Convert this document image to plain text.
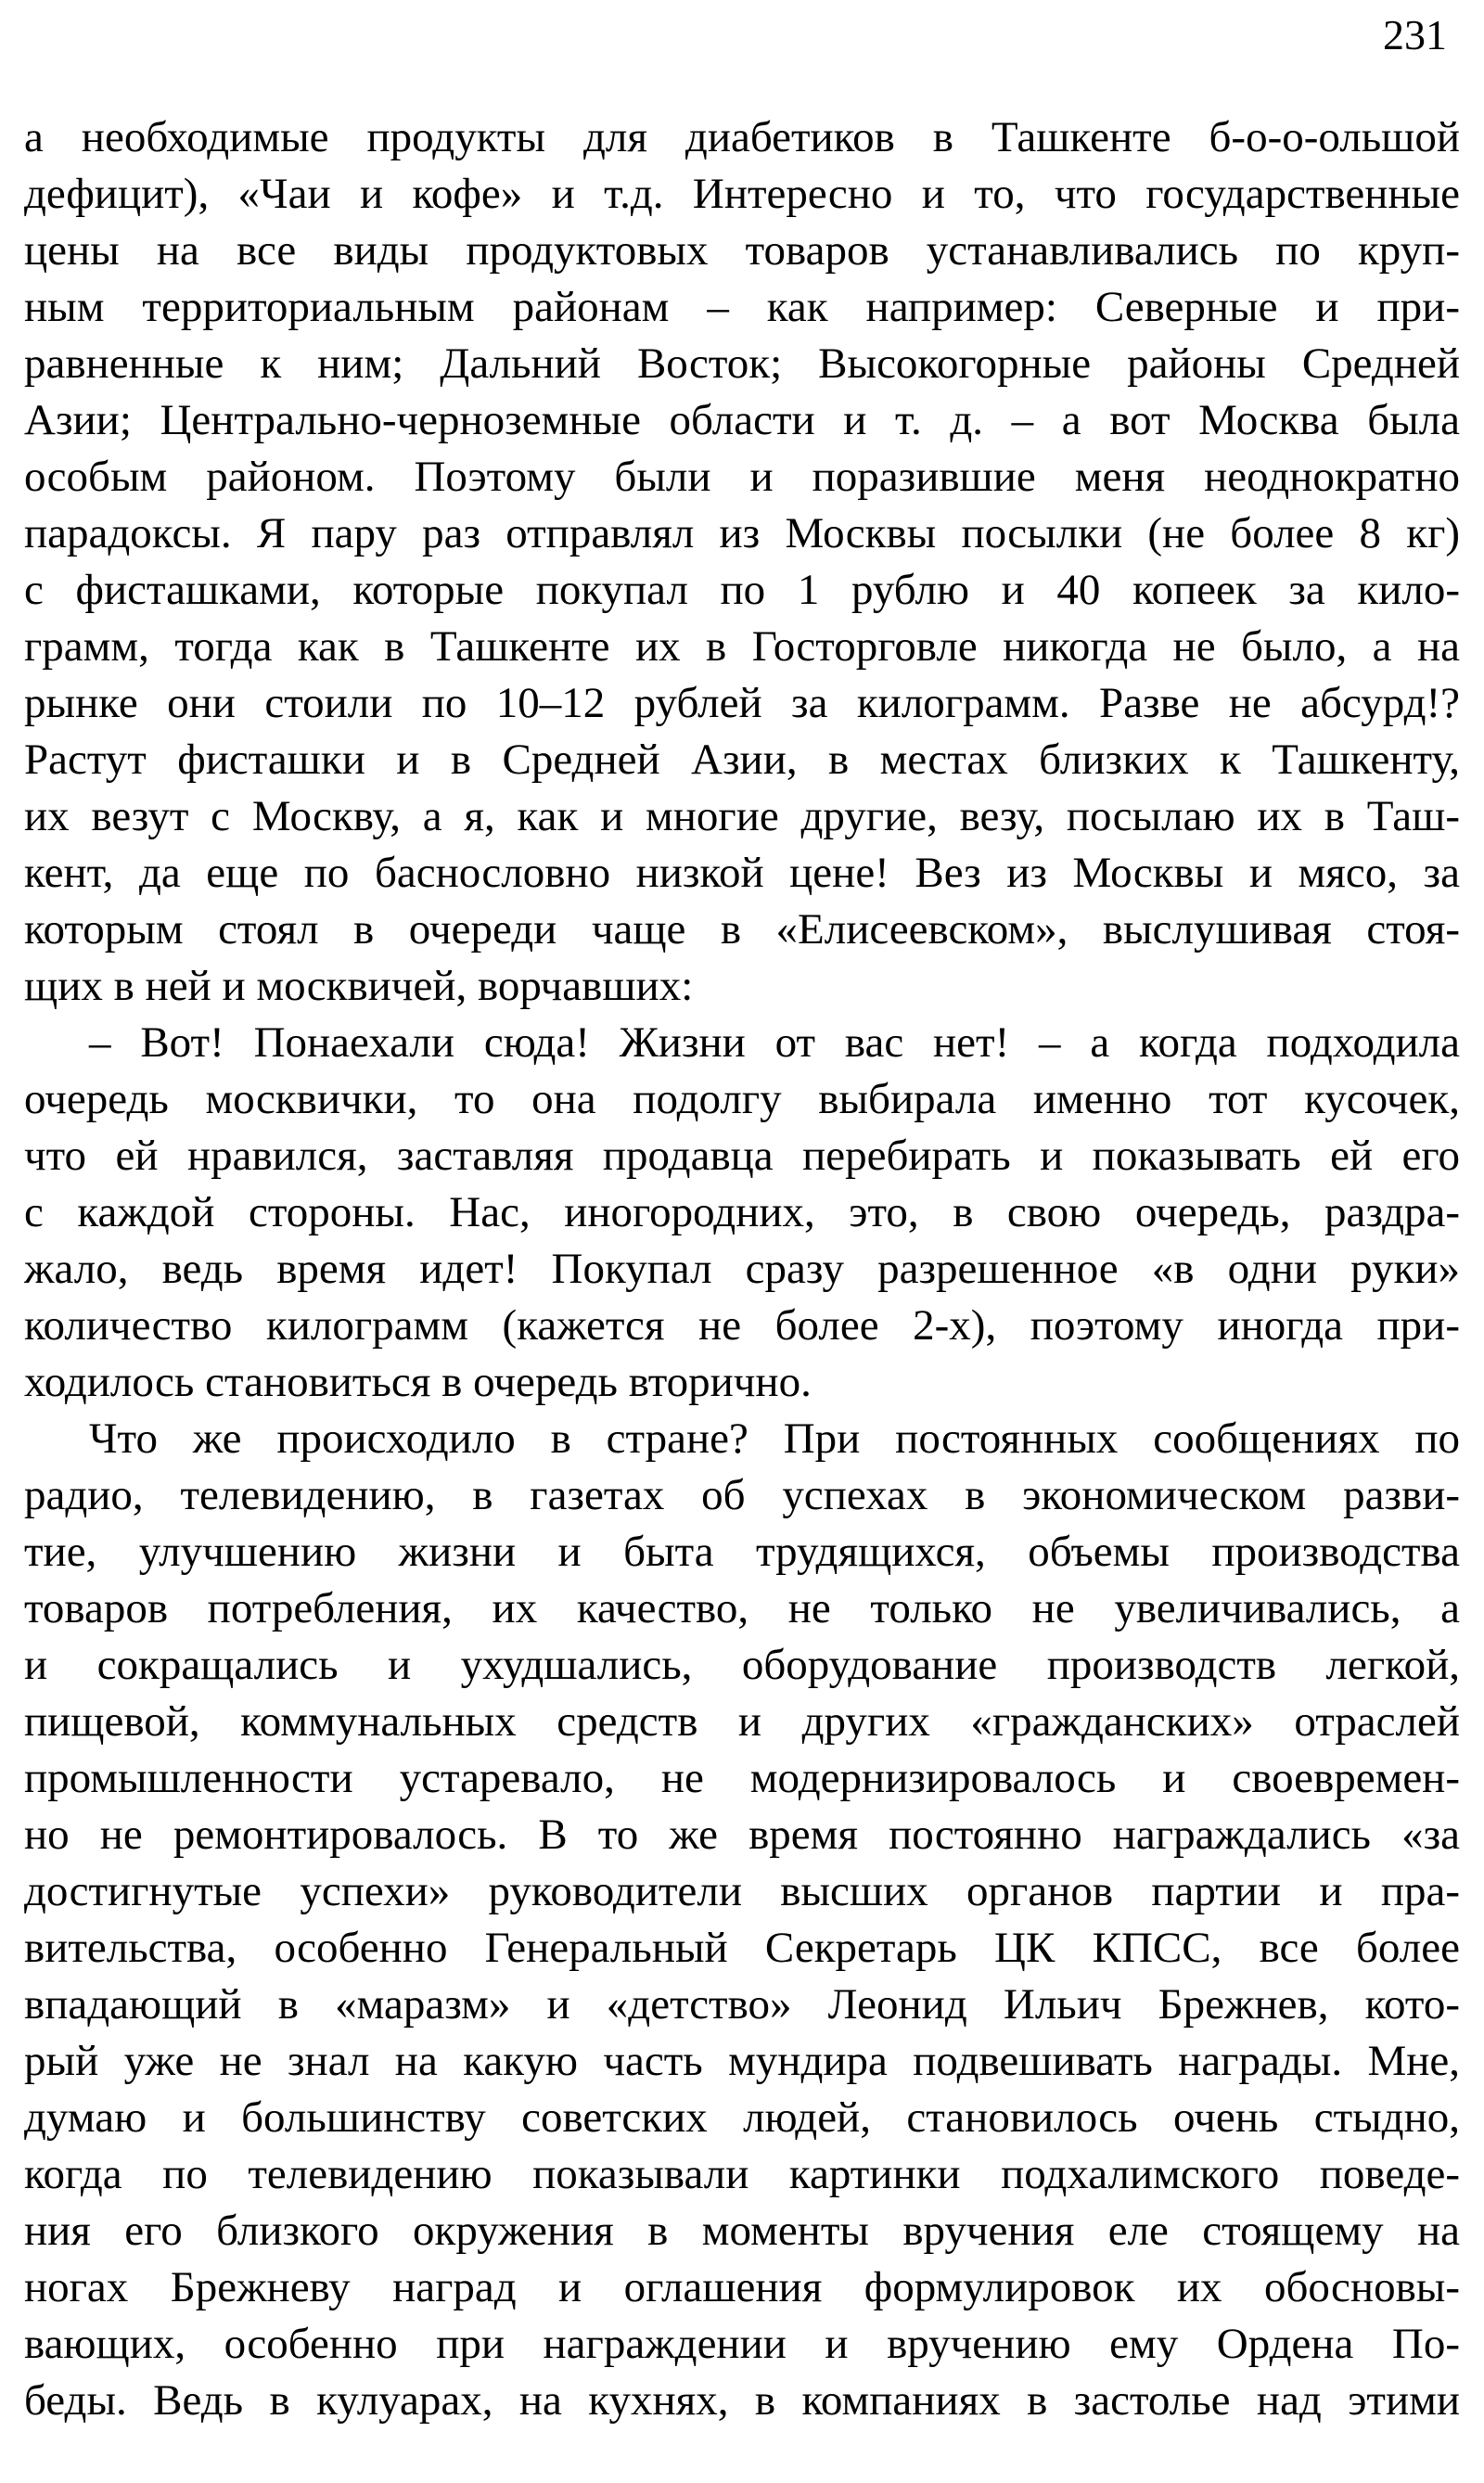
231
а необходимые продукты для диабетиков в Ташкенте б-о-о-ольшой
дефицит), «Чаи и кофе» и т.д. Интересно и то, что государственные
цены на все виды продуктовых товаров устанавливались по круп-
ным территориальным районам – как например: Северные и при-
равненные к ним; Дальний Восток; Высокогорные районы Средней
Азии; Центрально-черноземные области и т. д. – а вот Москва была
особым районом. Поэтому были и поразившие меня неоднократно
парадоксы. Я пару раз отправлял из Москвы посылки (не более 8 кг)
с фисташками, которые покупал по 1 рублю и 40 копеек за кило-
грамм, тогда как в Ташкенте их в Госторговле никогда не было, а на
рынке они стоили по 10–12 рублей за килограмм. Разве не абсурд!?
Растут фисташки и в Средней Азии, в местах близких к Ташкенту,
их везут с Москву, а я, как и многие другие, везу, посылаю их в Таш-
кент, да еще по баснословно низкой цене! Вез из Москвы и мясо, за
которым стоял в очереди чаще в «Елисеевском», выслушивая стоя-
щих в ней и москвичей, ворчавших:
– Вот! Понаехали сюда! Жизни от вас нет! – а когда подходила
очередь москвички, то она подолгу выбирала именно тот кусочек,
что ей нравился, заставляя продавца перебирать и показывать ей его
с каждой стороны. Нас, иногородних, это, в свою очередь, раздра-
жало, ведь время идет! Покупал сразу разрешенное «в одни руки»
количество килограмм (кажется не более 2-х), поэтому иногда при-
ходилось становиться в очередь вторично.
Что же происходило в стране? При постоянных сообщениях по
радио, телевидению, в газетах об успехах в экономическом разви-
тие, улучшению жизни и быта трудящихся, объемы производства
товаров потребления, их качество, не только не увеличивались, а
и сокращались и ухудшались, оборудование производств легкой,
пищевой, коммунальных средств и других «гражданских» отраслей
промышленности устаревало, не модернизировалось и своевремен-
но не ремонтировалось. В то же время постоянно награждались «за
достигнутые успехи» руководители высших органов партии и пра-
вительства, особенно Генеральный Секретарь ЦК КПСС, все более
впадающий в «маразм» и «детство» Леонид Ильич Брежнев, кото-
рый уже не знал на какую часть мундира подвешивать награды. Мне,
думаю и большинству советских людей, становилось очень стыдно,
когда по телевидению показывали картинки подхалимского поведе-
ния его близкого окружения в моменты вручения еле стоящему на
ногах Брежневу наград и оглашения формулировок их обосновы-
вающих, особенно при награждении и вручению ему Ордена По-
беды. Ведь в кулуарах, на кухнях, в компаниях в застолье над этими
